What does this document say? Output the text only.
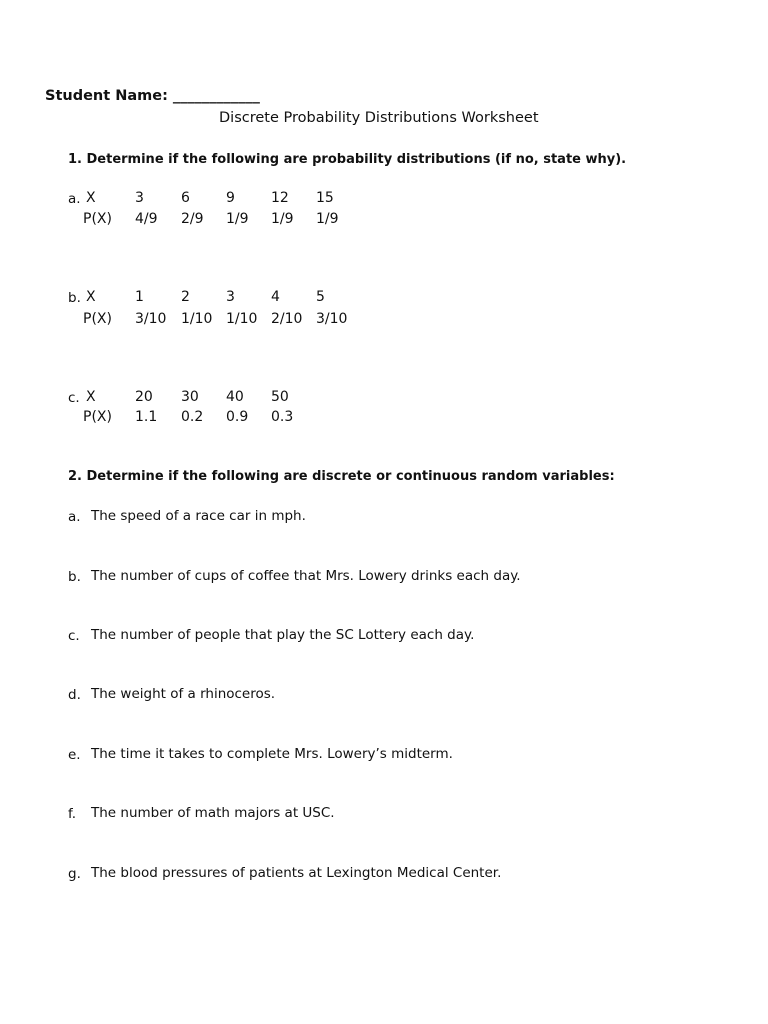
Student Name: ____________
Discrete Probability Distributions Worksheet
1. Determine if the following are probability distributions (if no, state why).
a. X	3	6	9	12 15
P(X) 4/9 2/9 1/9 1/9 1/9
b. X	1	2	3	4	5
P(X) 3/10 1/10 1/10 2/10 3/10
c. X	20 30 40 50
P(X) 1.1 0.2 0.9 0.3
2. Determine if the following are discrete or continuous random variables:
a. The speed of a race car in mph.
b. The number of cups of coffee that Mrs. Lowery drinks each day.
c. The number of people that play the SC Lottery each day.
d. The weight of a rhinoceros.
e. The time it takes to complete Mrs. Lowery’s midterm.
f. The number of math majors at USC.
g. The blood pressures of patients at Lexington Medical Center.
